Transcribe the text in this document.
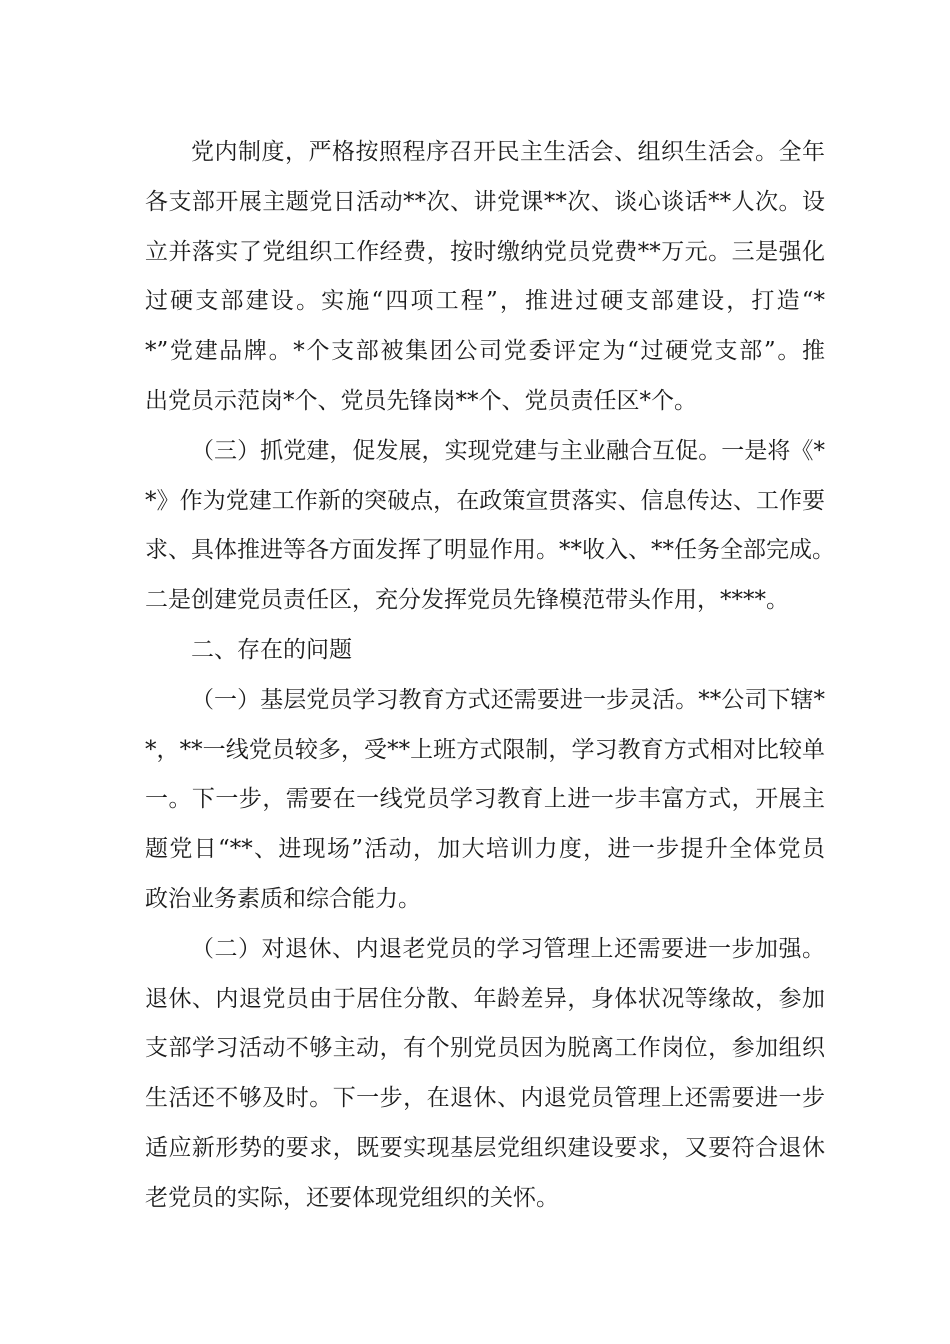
党内制度，严格按照程序召开民主生活会、组织生活会。全年
各支部开展主题党日活动**次、讲党课**次、谈心谈话**人次。设
立并落实了党组织工作经费，按时缴纳党员党费**万元。三是强化
过硬支部建设。实施“四项工程”，推进过硬支部建设，打造“*
*”党建品牌。*个支部被集团公司党委评定为“过硬党支部”。推
出党员示范岗*个、党员先锋岗**个、党员责任区*个。
（三）抓党建，促发展，实现党建与主业融合互促。一是将《*
*》作为党建工作新的突破点，在政策宣贯落实、信息传达、工作要
求、具体推进等各方面发挥了明显作用。**收入、**任务全部完成。
二是创建党员责任区，充分发挥党员先锋模范带头作用，****。
二、存在的问题
（一）基层党员学习教育方式还需要进一步灵活。**公司下辖*
*，**一线党员较多，受**上班方式限制，学习教育方式相对比较单
一。下一步，需要在一线党员学习教育上进一步丰富方式，开展主
题党日“**、进现场”活动，加大培训力度，进一步提升全体党员
政治业务素质和综合能力。
（二）对退休、内退老党员的学习管理上还需要进一步加强。
退休、内退党员由于居住分散、年龄差异，身体状况等缘故，参加
支部学习活动不够主动，有个别党员因为脱离工作岗位，参加组织
生活还不够及时。下一步，在退休、内退党员管理上还需要进一步
适应新形势的要求，既要实现基层党组织建设要求，又要符合退休
老党员的实际，还要体现党组织的关怀。
